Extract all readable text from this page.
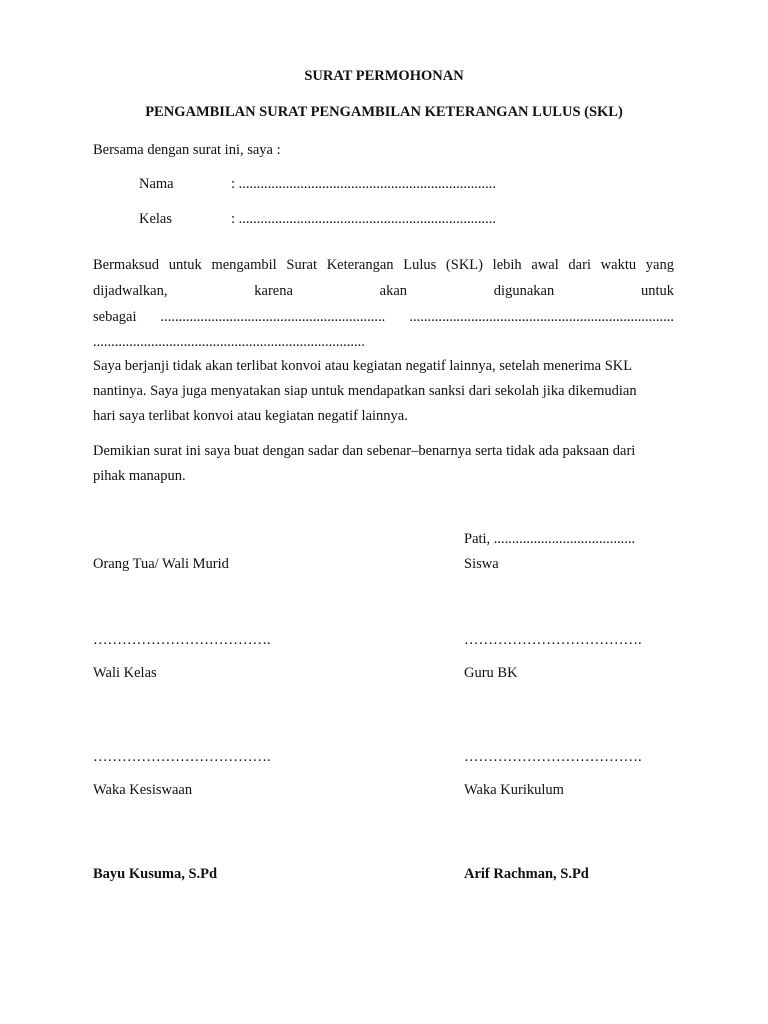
SURAT PERMOHONAN
PENGAMBILAN SURAT PENGAMBILAN KETERANGAN LULUS (SKL)
Bersama dengan surat ini, saya :
Nama	: .......................................................................
Kelas	: .......................................................................
Bermaksud untuk mengambil Surat Keterangan Lulus (SKL) lebih awal dari waktu yang
dijadwalkan, karena akan digunakan untuk
sebagai .............................................................. .........................................................................
...........................................................................
Saya berjanji tidak akan terlibat konvoi atau kegiatan negatif lainnya, setelah menerima SKL
nantinya. Saya juga menyatakan siap untuk mendapatkan sanksi dari sekolah jika dikemudian
hari saya terlibat konvoi atau kegiatan negatif lainnya.
Demikian surat ini saya buat dengan sadar dan sebenar–benarnya serta tidak ada paksaan dari
pihak manapun.
Pati, .......................................
Orang Tua/ Wali Murid	Siswa
……………………………….	……………………………….
Wali Kelas	Guru BK
……………………………….	……………………………….
Waka Kesiswaan	Waka Kurikulum
Bayu Kusuma, S.Pd	Arif Rachman, S.Pd
